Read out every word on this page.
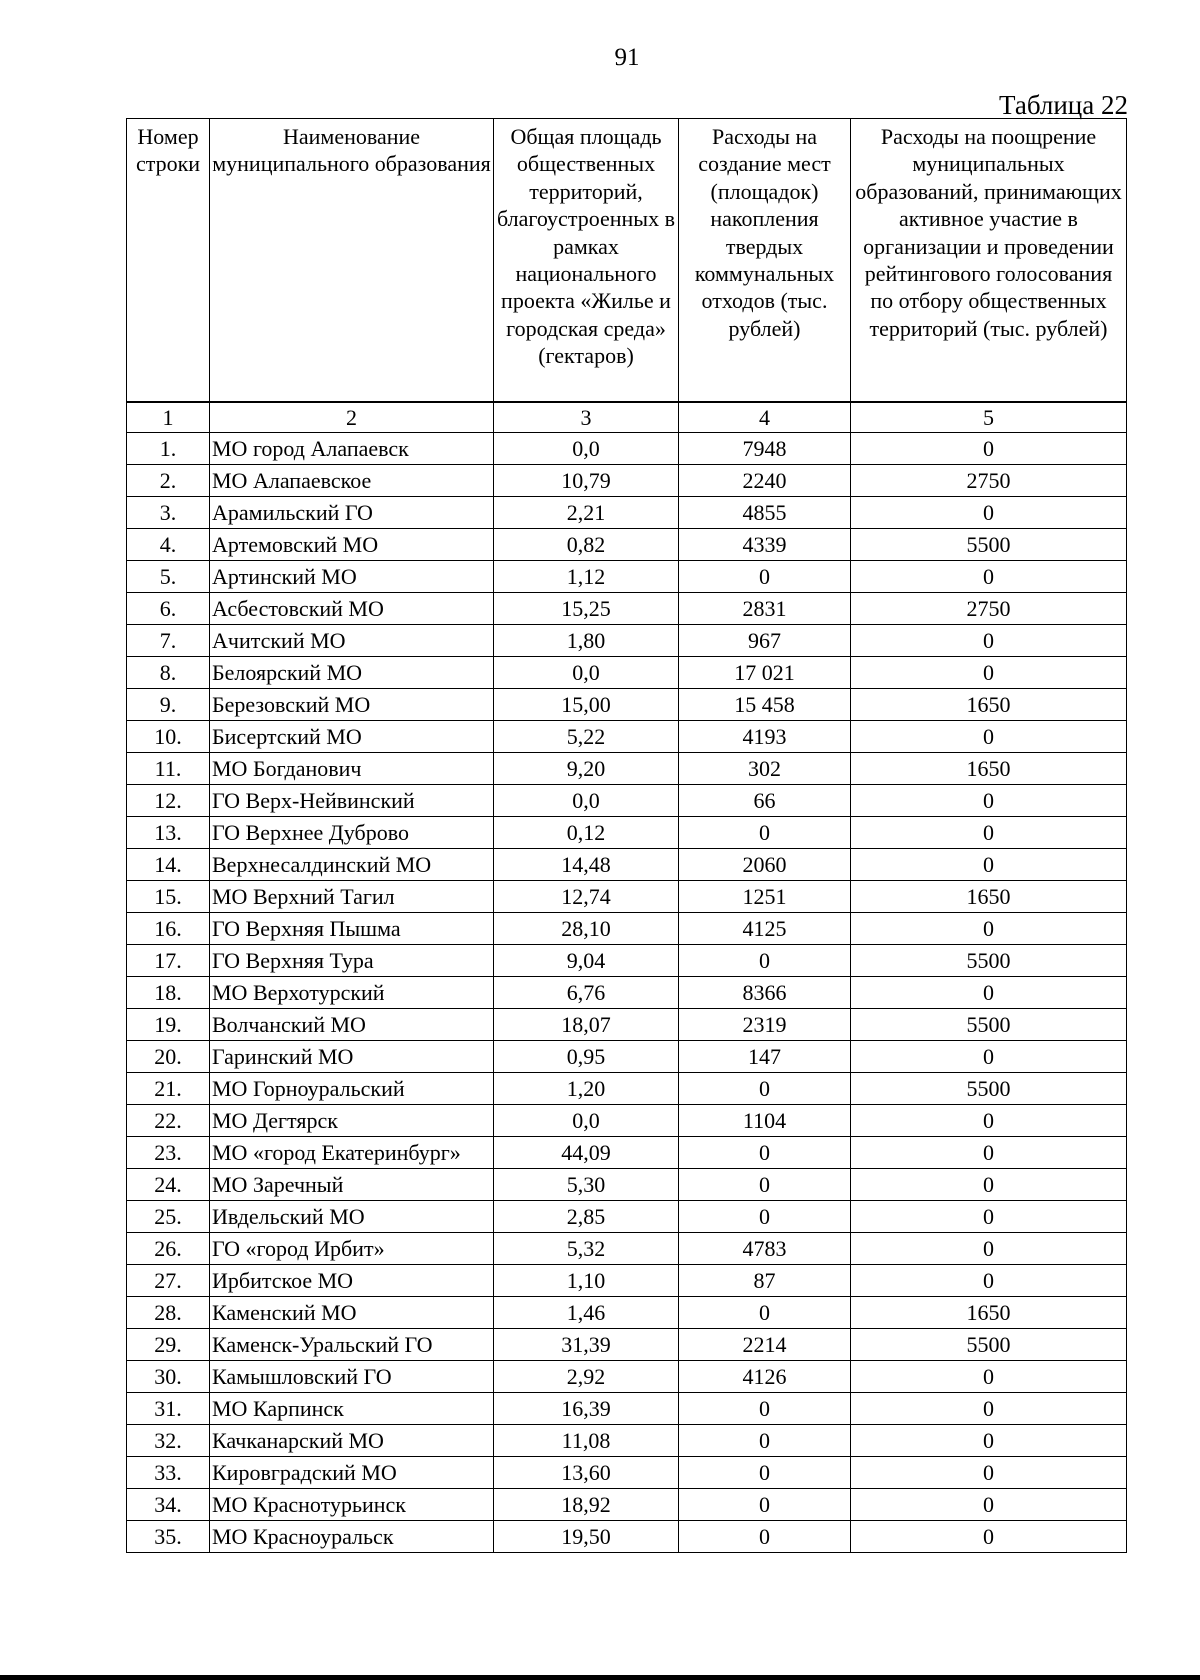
91
Таблица 22
Номер строки	Наименование муниципального образования	Общая площадь общественных территорий, благоустроенных в рамках национального проекта «Жилье и городская среда» (гектаров)	Расходы на создание мест (площадок) накопления твердых коммунальных отходов (тыс. рублей)	Расходы на поощрение муниципальных образований, принимающих активное участие в организации и проведении рейтингового голосования по отбору общественных территорий (тыс. рублей)
1	2	3	4	5
1.	МО город Алапаевск	0,0	7948	0
2.	МО Алапаевское	10,79	2240	2750
3.	Арамильский ГО	2,21	4855	0
4.	Артемовский МО	0,82	4339	5500
5.	Артинский МО	1,12	0	0
6.	Асбестовский МО	15,25	2831	2750
7.	Ачитский МО	1,80	967	0
8.	Белоярский МО	0,0	17 021	0
9.	Березовский МО	15,00	15 458	1650
10.	Бисертский МО	5,22	4193	0
11.	МО Богданович	9,20	302	1650
12.	ГО Верх-Нейвинский	0,0	66	0
13.	ГО Верхнее Дуброво	0,12	0	0
14.	Верхнесалдинский МО	14,48	2060	0
15.	МО Верхний Тагил	12,74	1251	1650
16.	ГО Верхняя Пышма	28,10	4125	0
17.	ГО Верхняя Тура	9,04	0	5500
18.	МО Верхотурский	6,76	8366	0
19.	Волчанский МО	18,07	2319	5500
20.	Гаринский МО	0,95	147	0
21.	МО Горноуральский	1,20	0	5500
22.	МО Дегтярск	0,0	1104	0
23.	МО «город Екатеринбург»	44,09	0	0
24.	МО Заречный	5,30	0	0
25.	Ивдельский МО	2,85	0	0
26.	ГО «город Ирбит»	5,32	4783	0
27.	Ирбитское МО	1,10	87	0
28.	Каменский МО	1,46	0	1650
29.	Каменск-Уральский ГО	31,39	2214	5500
30.	Камышловский ГО	2,92	4126	0
31.	МО Карпинск	16,39	0	0
32.	Качканарский МО	11,08	0	0
33.	Кировградский МО	13,60	0	0
34.	МО Краснотурьинск	18,92	0	0
35.	МО Красноуральск	19,50	0	0
